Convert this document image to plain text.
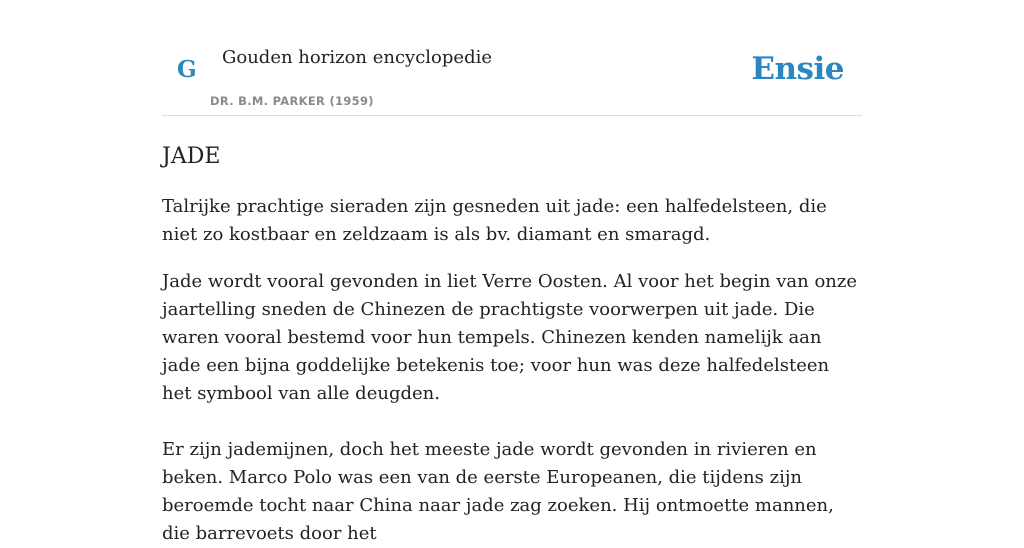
G Gouden horizon encyclopedie
DR. B.M. PARKER (1959)
Ensie
JADE

Talrijke prachtige sieraden zijn gesneden uit jade: een halfedelsteen, die niet zo kostbaar en zeldzaam is als bv. diamant en smaragd.

Jade wordt vooral gevonden in liet Verre Oosten. Al voor het begin van onze jaartelling sneden de Chinezen de prachtigste voorwerpen uit jade. Die waren vooral bestemd voor hun tempels. Chinezen kenden namelijk aan jade een bijna goddelijke betekenis toe; voor hun was deze halfedelsteen het symbool van alle deugden.

Er zijn jademijnen, doch het meeste jade wordt gevonden in rivieren en beken. Marco Polo was een van de eerste Europeanen, die tijdens zijn beroemde tocht naar China naar jade zag zoeken. Hij ontmoette mannen, die barrevoets door het
